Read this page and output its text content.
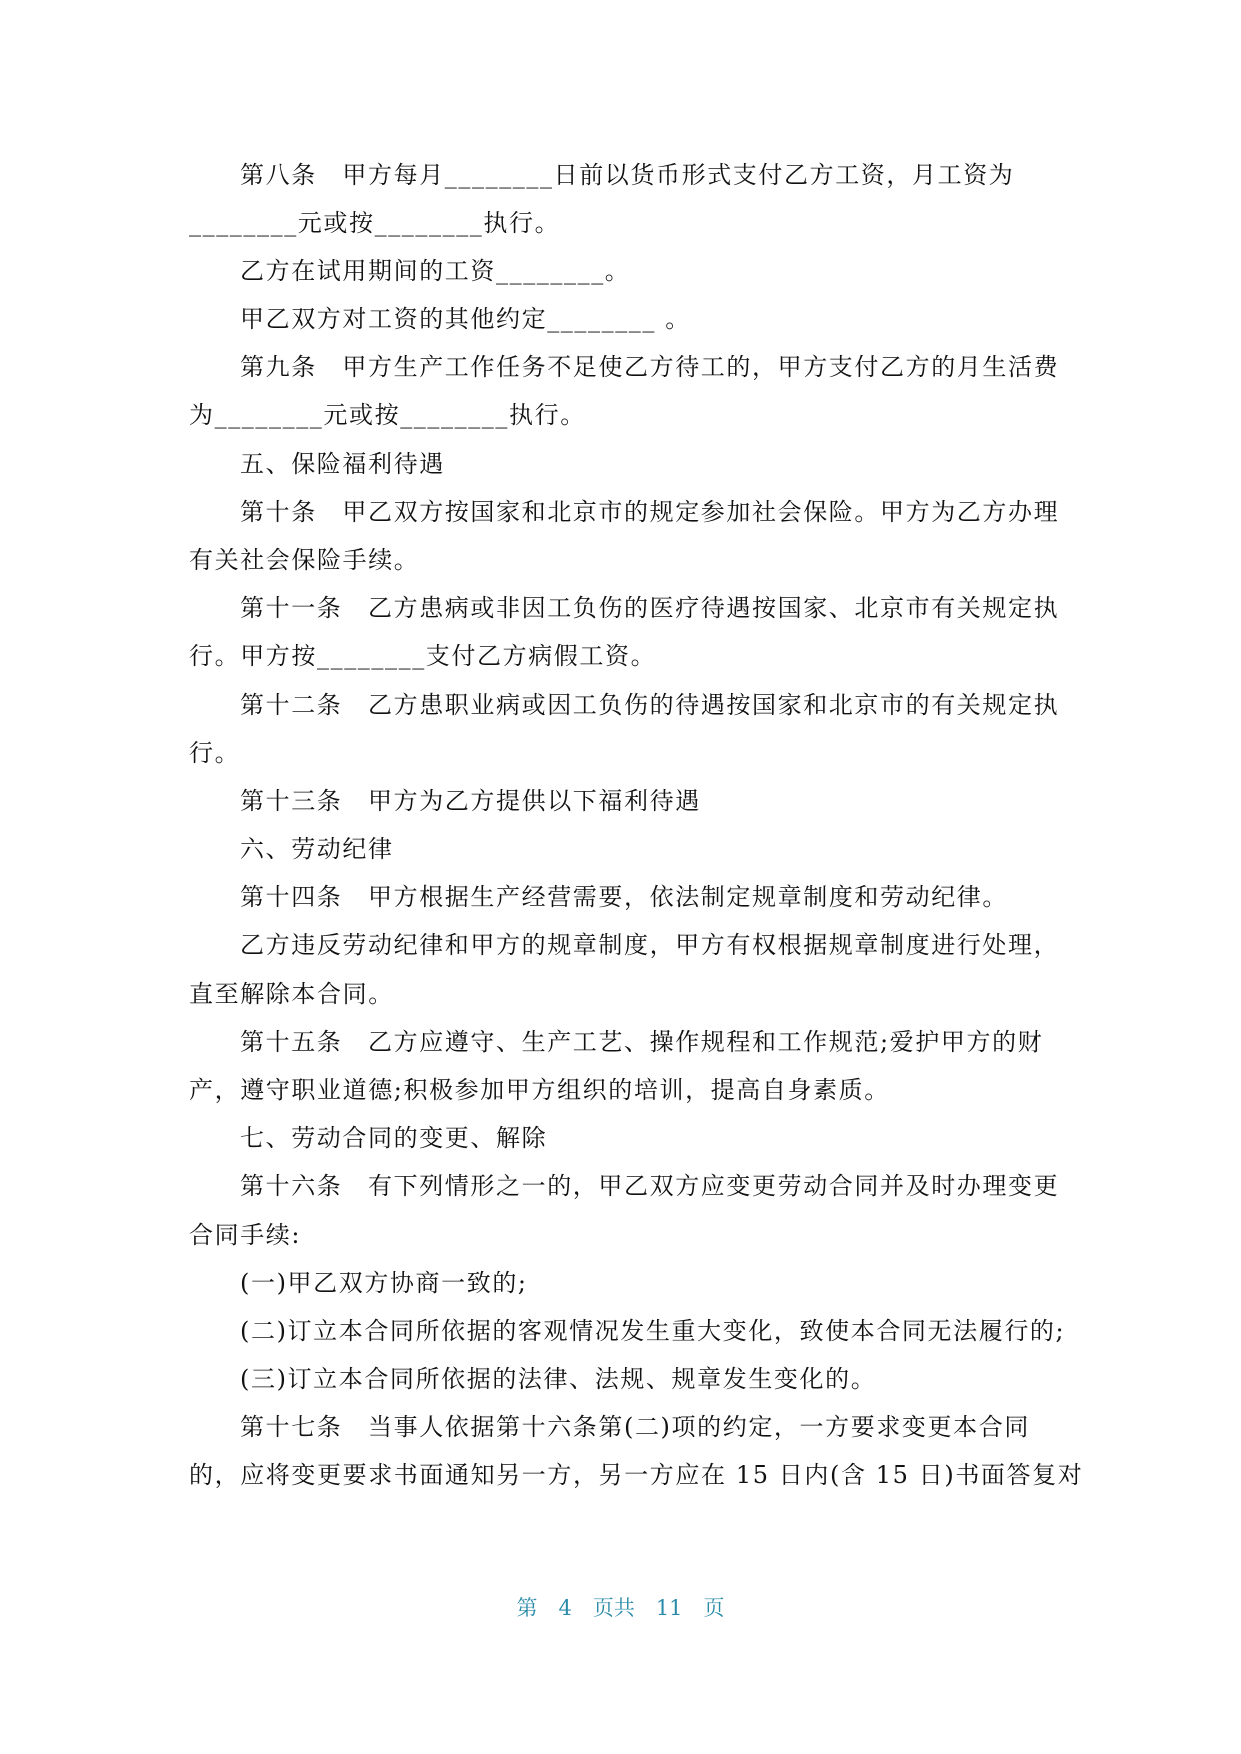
第八条　甲方每月________日前以货币形式支付乙方工资，月工资为
________元或按________执行。
乙方在试用期间的工资________。
甲乙双方对工资的其他约定________ 。
第九条　甲方生产工作任务不足使乙方待工的，甲方支付乙方的月生活费
为________元或按________执行。
五、保险福利待遇
第十条　甲乙双方按国家和北京市的规定参加社会保险。甲方为乙方办理
有关社会保险手续。
第十一条　乙方患病或非因工负伤的医疗待遇按国家、北京市有关规定执
行。甲方按________支付乙方病假工资。
第十二条　乙方患职业病或因工负伤的待遇按国家和北京市的有关规定执
行。
第十三条　甲方为乙方提供以下福利待遇
六、劳动纪律
第十四条　甲方根据生产经营需要，依法制定规章制度和劳动纪律。
乙方违反劳动纪律和甲方的规章制度，甲方有权根据规章制度进行处理，
直至解除本合同。
第十五条　乙方应遵守、生产工艺、操作规程和工作规范;爱护甲方的财
产，遵守职业道德;积极参加甲方组织的培训，提高自身素质。
七、劳动合同的变更、解除
第十六条　有下列情形之一的，甲乙双方应变更劳动合同并及时办理变更
合同手续:
(一)甲乙双方协商一致的;
(二)订立本合同所依据的客观情况发生重大变化，致使本合同无法履行的;
(三)订立本合同所依据的法律、法规、规章发生变化的。
第十七条　当事人依据第十六条第(二)项的约定，一方要求变更本合同
的，应将变更要求书面通知另一方，另一方应在 15 日内(含 15 日)书面答复对
第　4　页共　11　页
